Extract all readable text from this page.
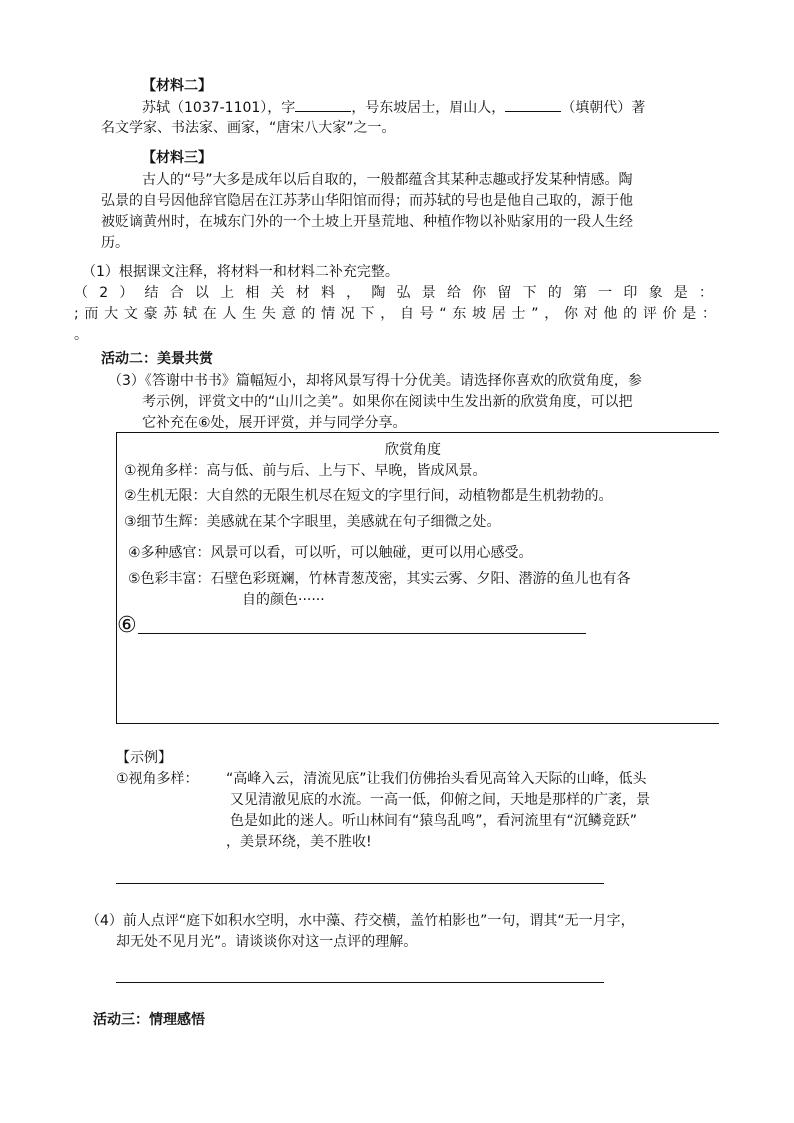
【材料二】
苏轼（1037-1101），字	，号东坡居士，眉山人，	（填朝代）著
名文学家、书法家、画家，“唐宋八大家”之一。
【材料三】
古人的“号”大多是成年以后自取的，一般都蕴含其某种志趣或抒发某种情感。陶
弘景的自号因他辞官隐居在江苏茅山华阳馆而得；而苏轼的号也是他自己取的，源于他
被贬谪黄州时，在城东门外的一个土坡上开垦荒地、种植作物以补贴家用的一段人生经
历。
（1）根据课文注释，将材料一和材料二补充完整。
（2）结合以上相关材料，陶弘景给你留下的第一印象是：
;而大文豪苏轼在人生失意的情况下，自号“东坡居士”，你对他的评价是：
。
活动二：美景共赏
（3）《答谢中书书》篇幅短小，却将风景写得十分优美。请选择你喜欢的欣赏角度，参
考示例，评赏文中的“山川之美”。如果你在阅读中生发出新的欣赏角度，可以把
它补充在⑥处，展开评赏，并与同学分享。
欣赏角度
①视角多样：高与低、前与后、上与下、早晚，皆成风景。
②生机无限：大自然的无限生机尽在短文的字里行间，动植物都是生机勃勃的。
③细节生辉：美感就在某个字眼里，美感就在句子细微之处。
④多种感官：风景可以看，可以听，可以触碰，更可以用心感受。
⑤色彩丰富：石壁色彩斑斓，竹林青葱茂密，其实云雾、夕阳、潜游的鱼儿也有各
自的颜色······
⑥
【示例】
①视角多样： “高峰入云，清流见底”让我们仿佛抬头看见高耸入天际的山峰，低头
又见清澈见底的水流。一高一低，仰俯之间，天地是那样的广袤，景
色是如此的迷人。听山林间有“猿鸟乱鸣”，看河流里有“沉鳞竞跃”
，美景环绕，美不胜收!
（4）前人点评“庭下如积水空明，水中藻、荇交横，盖竹柏影也”一句，谓其“无一月字，
却无处不见月光”。请谈谈你对这一点评的理解。
活动三：情理感悟
